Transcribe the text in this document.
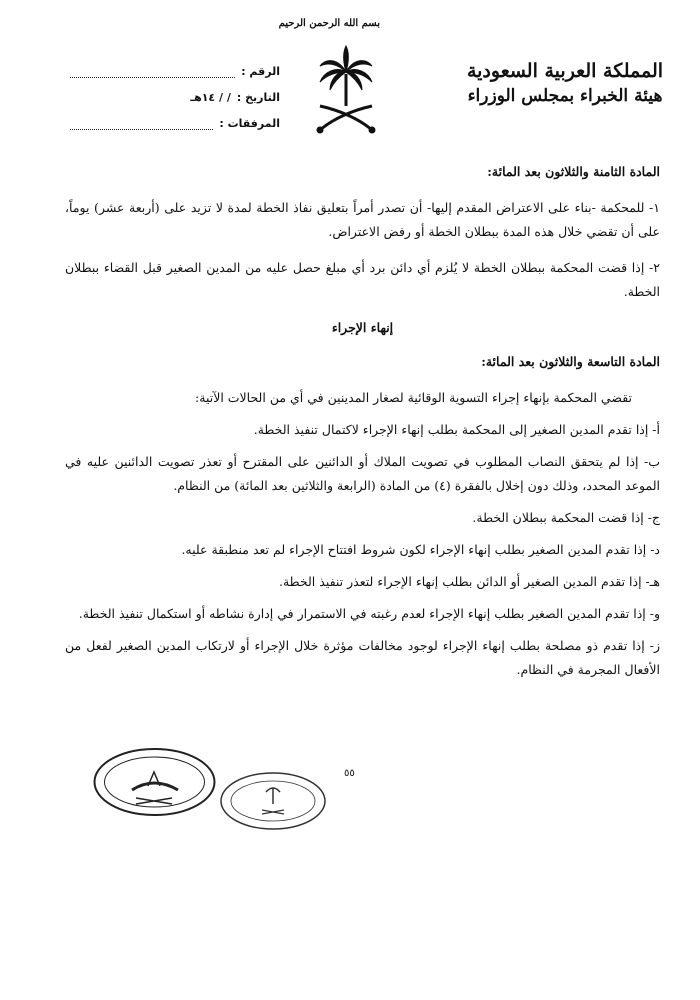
بسم الله الرحمن الرحيم
المملكة العربية السعودية
هيئة الخبراء بمجلس الوزراء
الرقم :
التاريخ :
/ / ١٤هـ
المرفقات :

المادة الثامنة والثلاثون بعد المائة:

١- للمحكمة -بناء على الاعتراض المقدم إليها- أن تصدر أمراً بتعليق نفاذ الخطة لمدة لا تزيد على (أربعة عشر) يوماً، على أن تقضي خلال هذه المدة ببطلان الخطة أو رفض الاعتراض.

٢- إذا قضت المحكمة ببطلان الخطة لا يُلزم أي دائن برد أي مبلغ حصل عليه من المدين الصغير قبل القضاء ببطلان الخطة.

إنهاء الإجراء

المادة التاسعة والثلاثون بعد المائة:

تقضي المحكمة بإنهاء إجراء التسوية الوقائية لصغار المدينين في أي من الحالات الآتية:

أ- إذا تقدم المدين الصغير إلى المحكمة بطلب إنهاء الإجراء لاكتمال تنفيذ الخطة.

ب- إذا لم يتحقق النصاب المطلوب في تصويت الملاك أو الدائنين على المقترح أو تعذر تصويت الدائنين عليه في الموعد المحدد، وذلك دون إخلال بالفقرة (٤) من المادة (الرابعة والثلاثين بعد المائة) من النظام.

ج- إذا قضت المحكمة ببطلان الخطة.

د- إذا تقدم المدين الصغير بطلب إنهاء الإجراء لكون شروط افتتاح الإجراء لم تعد منطبقة عليه.

هـ- إذا تقدم المدين الصغير أو الدائن بطلب إنهاء الإجراء لتعذر تنفيذ الخطة.

و- إذا تقدم المدين الصغير بطلب إنهاء الإجراء لعدم رغبته في الاستمرار في إدارة نشاطه أو استكمال تنفيذ الخطة.

ز- إذا تقدم ذو مصلحة بطلب إنهاء الإجراء لوجود مخالفات مؤثرة خلال الإجراء أو لارتكاب المدين الصغير لفعل من الأفعال المجرمة في النظام.

٥٥
